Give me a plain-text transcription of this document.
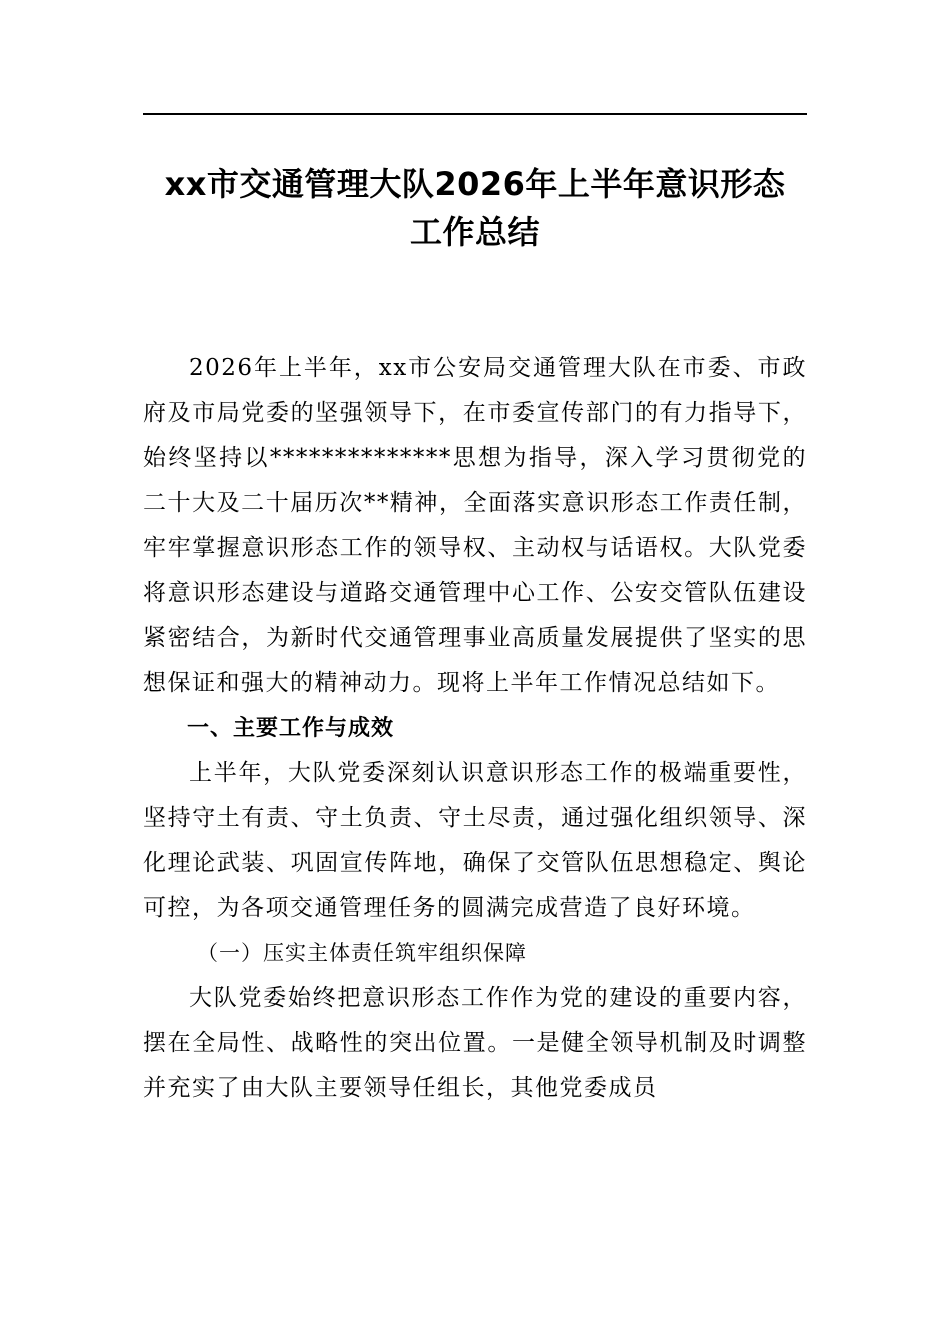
xx市交通管理大队2026年上半年意识形态
工作总结

2026年上半年，xx市公安局交通管理大队在市委、市政府及市局党委的坚强领导下，在市委宣传部门的有力指导下，始终坚持以**************思想为指导，深入学习贯彻党的二十大及二十届历次**精神，全面落实意识形态工作责任制，牢牢掌握意识形态工作的领导权、主动权与话语权。大队党委将意识形态建设与道路交通管理中心工作、公安交管队伍建设紧密结合，为新时代交通管理事业高质量发展提供了坚实的思想保证和强大的精神动力。现将上半年工作情况总结如下。

一、主要工作与成效

上半年，大队党委深刻认识意识形态工作的极端重要性，坚持守土有责、守土负责、守土尽责，通过强化组织领导、深化理论武装、巩固宣传阵地，确保了交管队伍思想稳定、舆论可控，为各项交通管理任务的圆满完成营造了良好环境。

（一）压实主体责任筑牢组织保障

大队党委始终把意识形态工作作为党的建设的重要内容，摆在全局性、战略性的突出位置。一是健全领导机制及时调整并充实了由大队主要领导任组长，其他党委成员
